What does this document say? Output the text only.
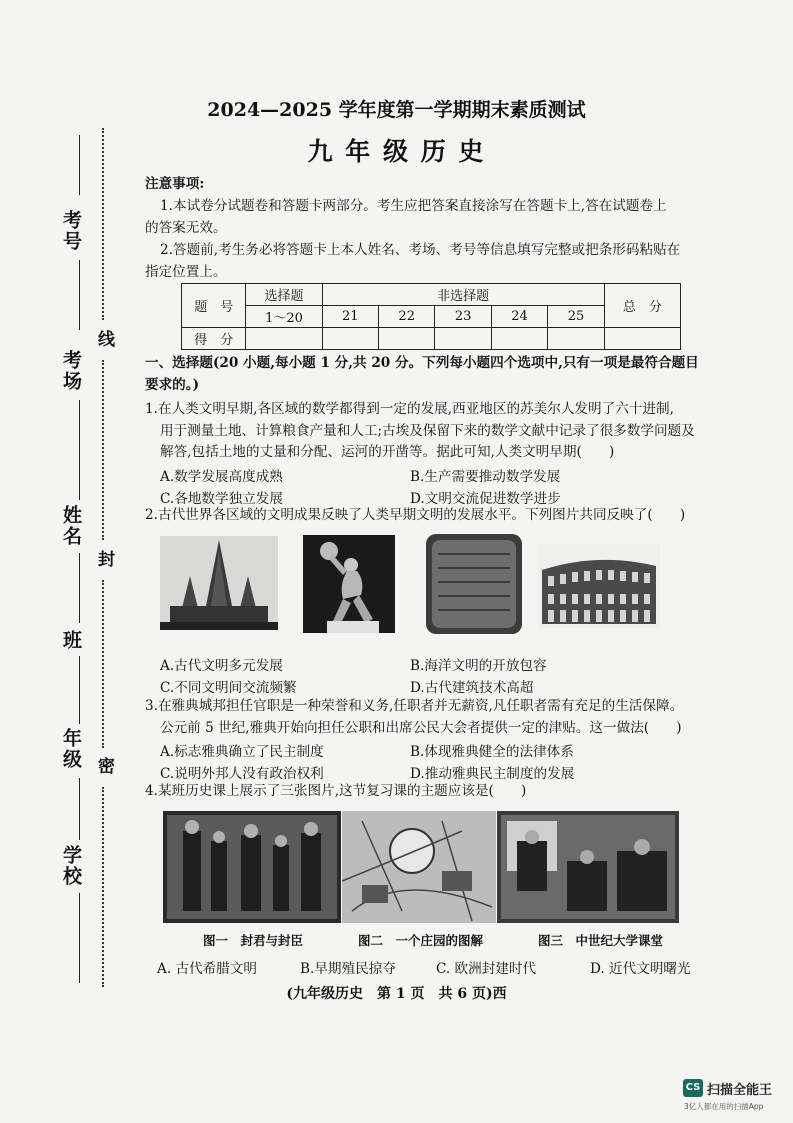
考号
考场
姓名
班
年级
学校
线
封
密
2024—2025 学年度第一学期期末素质测试
九 年 级 历 史
注意事项:
1.本试卷分试题卷和答题卡两部分。考生应把答案直接涂写在答题卡上,答在试题卷上
的答案无效。
2.答题前,考生务必将答题卡上本人姓名、考场、考号等信息填写完整或把条形码粘贴在
指定位置上。
题　号	选择题	非选择题					总　分
	1～20	21	22	23	24	25	
得　分							
一、选择题(20 小题,每小题 1 分,共 20 分。下列每小题四个选项中,只有一项是最符合题目
要求的。)
1.在人类文明早期,各区域的数学都得到一定的发展,西亚地区的苏美尔人发明了六十进制,
用于测量土地、计算粮食产量和人工;古埃及保留下来的数学文献中记录了很多数学问题及
解答,包括土地的丈量和分配、运河的开凿等。据此可知,人类文明早期(　　)
A.数学发展高度成熟	B.生产需要推动数学发展
C.各地数学独立发展	D.文明交流促进数学进步
2.古代世界各区域的文明成果反映了人类早期文明的发展水平。下列图片共同反映了(　　)
A.古代文明多元发展	B.海洋文明的开放包容
C.不同文明间交流频繁	D.古代建筑技术高超
3.在雅典城邦担任官职是一种荣誉和义务,任职者并无薪资,凡任职者需有充足的生活保障。
公元前 5 世纪,雅典开始向担任公职和出席公民大会者提供一定的津贴。这一做法(　　)
A.标志雅典确立了民主制度	B.体现雅典健全的法律体系
C.说明外邦人没有政治权利	D.推动雅典民主制度的发展
4.某班历史课上展示了三张图片,这节复习课的主题应该是(　　)
图一　封君与封臣	图二　一个庄园的图解	图三　中世纪大学课堂
A. 古代希腊文明	B.早期殖民掠夺	C. 欧洲封建时代	D. 近代文明曙光
(九年级历史　第 1 页　共 6 页)西
CS 扫描全能王
3亿人都在用的扫描App
